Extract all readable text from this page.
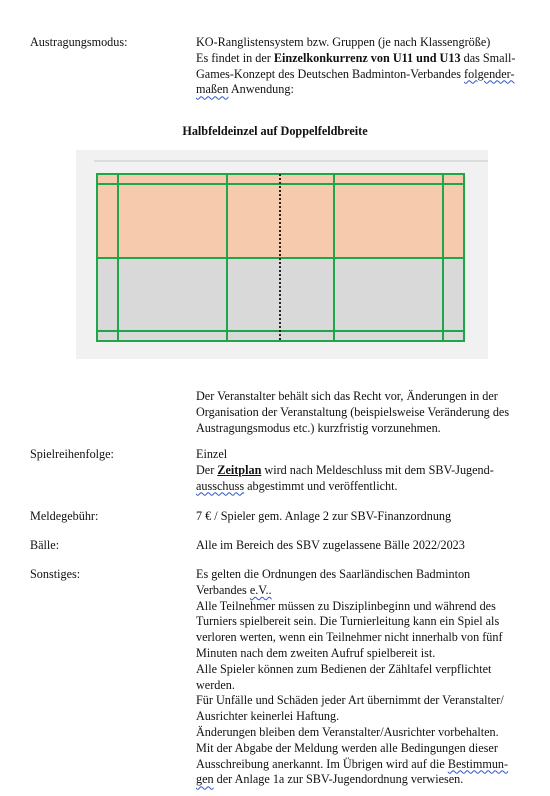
Austragungsmodus:	KO-Ranglistensystem bzw. Gruppen (je nach Klassengröße)
Es findet in der Einzelkonkurrenz von U11 und U13 das Small-
Games-Konzept des Deutschen Badminton-Verbandes folgender-
maßen Anwendung:
Halbfeldeinzel auf Doppelfeldbreite
Der Veranstalter behält sich das Recht vor, Änderungen in der
Organisation der Veranstaltung (beispielsweise Veränderung des
Austragungsmodus etc.) kurzfristig vorzunehmen.
Spielreihenfolge:	Einzel
Der Zeitplan wird nach Meldeschluss mit dem SBV-Jugend-
ausschuss abgestimmt und veröffentlicht.
Meldegebühr:	7 € / Spieler gem. Anlage 2 zur SBV-Finanzordnung
Bälle:	Alle im Bereich des SBV zugelassene Bälle 2022/2023
Sonstiges:	Es gelten die Ordnungen des Saarländischen Badminton
Verbandes e.V..
Alle Teilnehmer müssen zu Disziplinbeginn und während des
Turniers spielbereit sein. Die Turnierleitung kann ein Spiel als
verloren werten, wenn ein Teilnehmer nicht innerhalb von fünf
Minuten nach dem zweiten Aufruf spielbereit ist.
Alle Spieler können zum Bedienen der Zähltafel verpflichtet
werden.
Für Unfälle und Schäden jeder Art übernimmt der Veranstalter/
Ausrichter keinerlei Haftung.
Änderungen bleiben dem Veranstalter/Ausrichter vorbehalten.
Mit der Abgabe der Meldung werden alle Bedingungen dieser
Ausschreibung anerkannt. Im Übrigen wird auf die Bestimmun-
gen der Anlage 1a zur SBV-Jugendordnung verwiesen.
